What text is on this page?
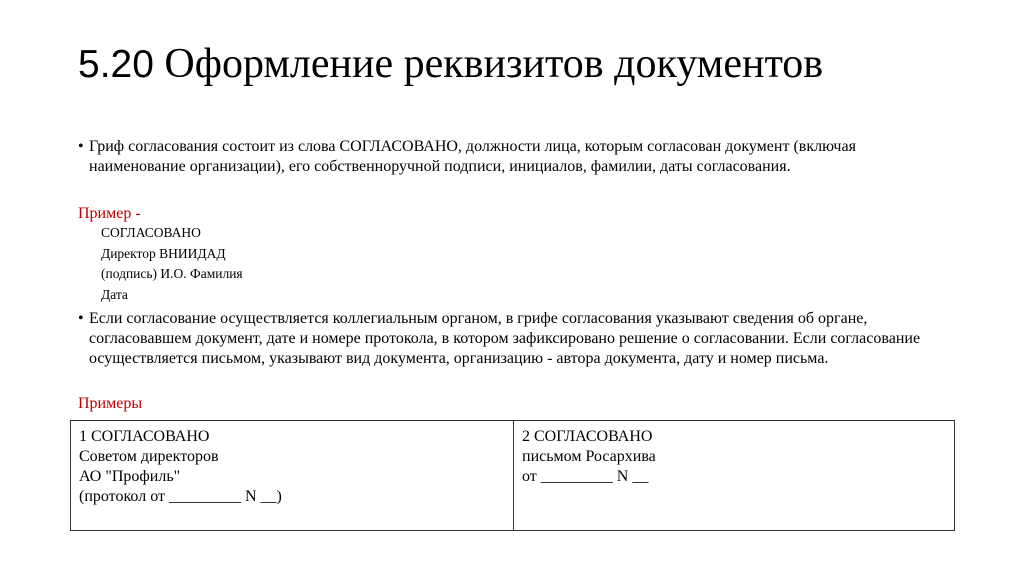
5.20 Оформление реквизитов документов
• Гриф согласования состоит из слова СОГЛАСОВАНО, должности лица, которым согласован документ (включая наименование организации), его собственноручной подписи, инициалов, фамилии, даты согласования.
Пример -
СОГЛАСОВАНО
Директор ВНИИДАД
(подпись) И.О. Фамилия
Дата
• Если согласование осуществляется коллегиальным органом, в грифе согласования указывают сведения об органе, согласовавшем документ, дате и номере протокола, в котором зафиксировано решение о согласовании. Если согласование осуществляется письмом, указывают вид документа, организацию - автора документа, дату и номер письма.
Примеры
1 СОГЛАСОВАНО
Советом директоров
АО "Профиль"
(протокол от _________ N __)

2 СОГЛАСОВАНО
письмом Росархива
от _________ N __
